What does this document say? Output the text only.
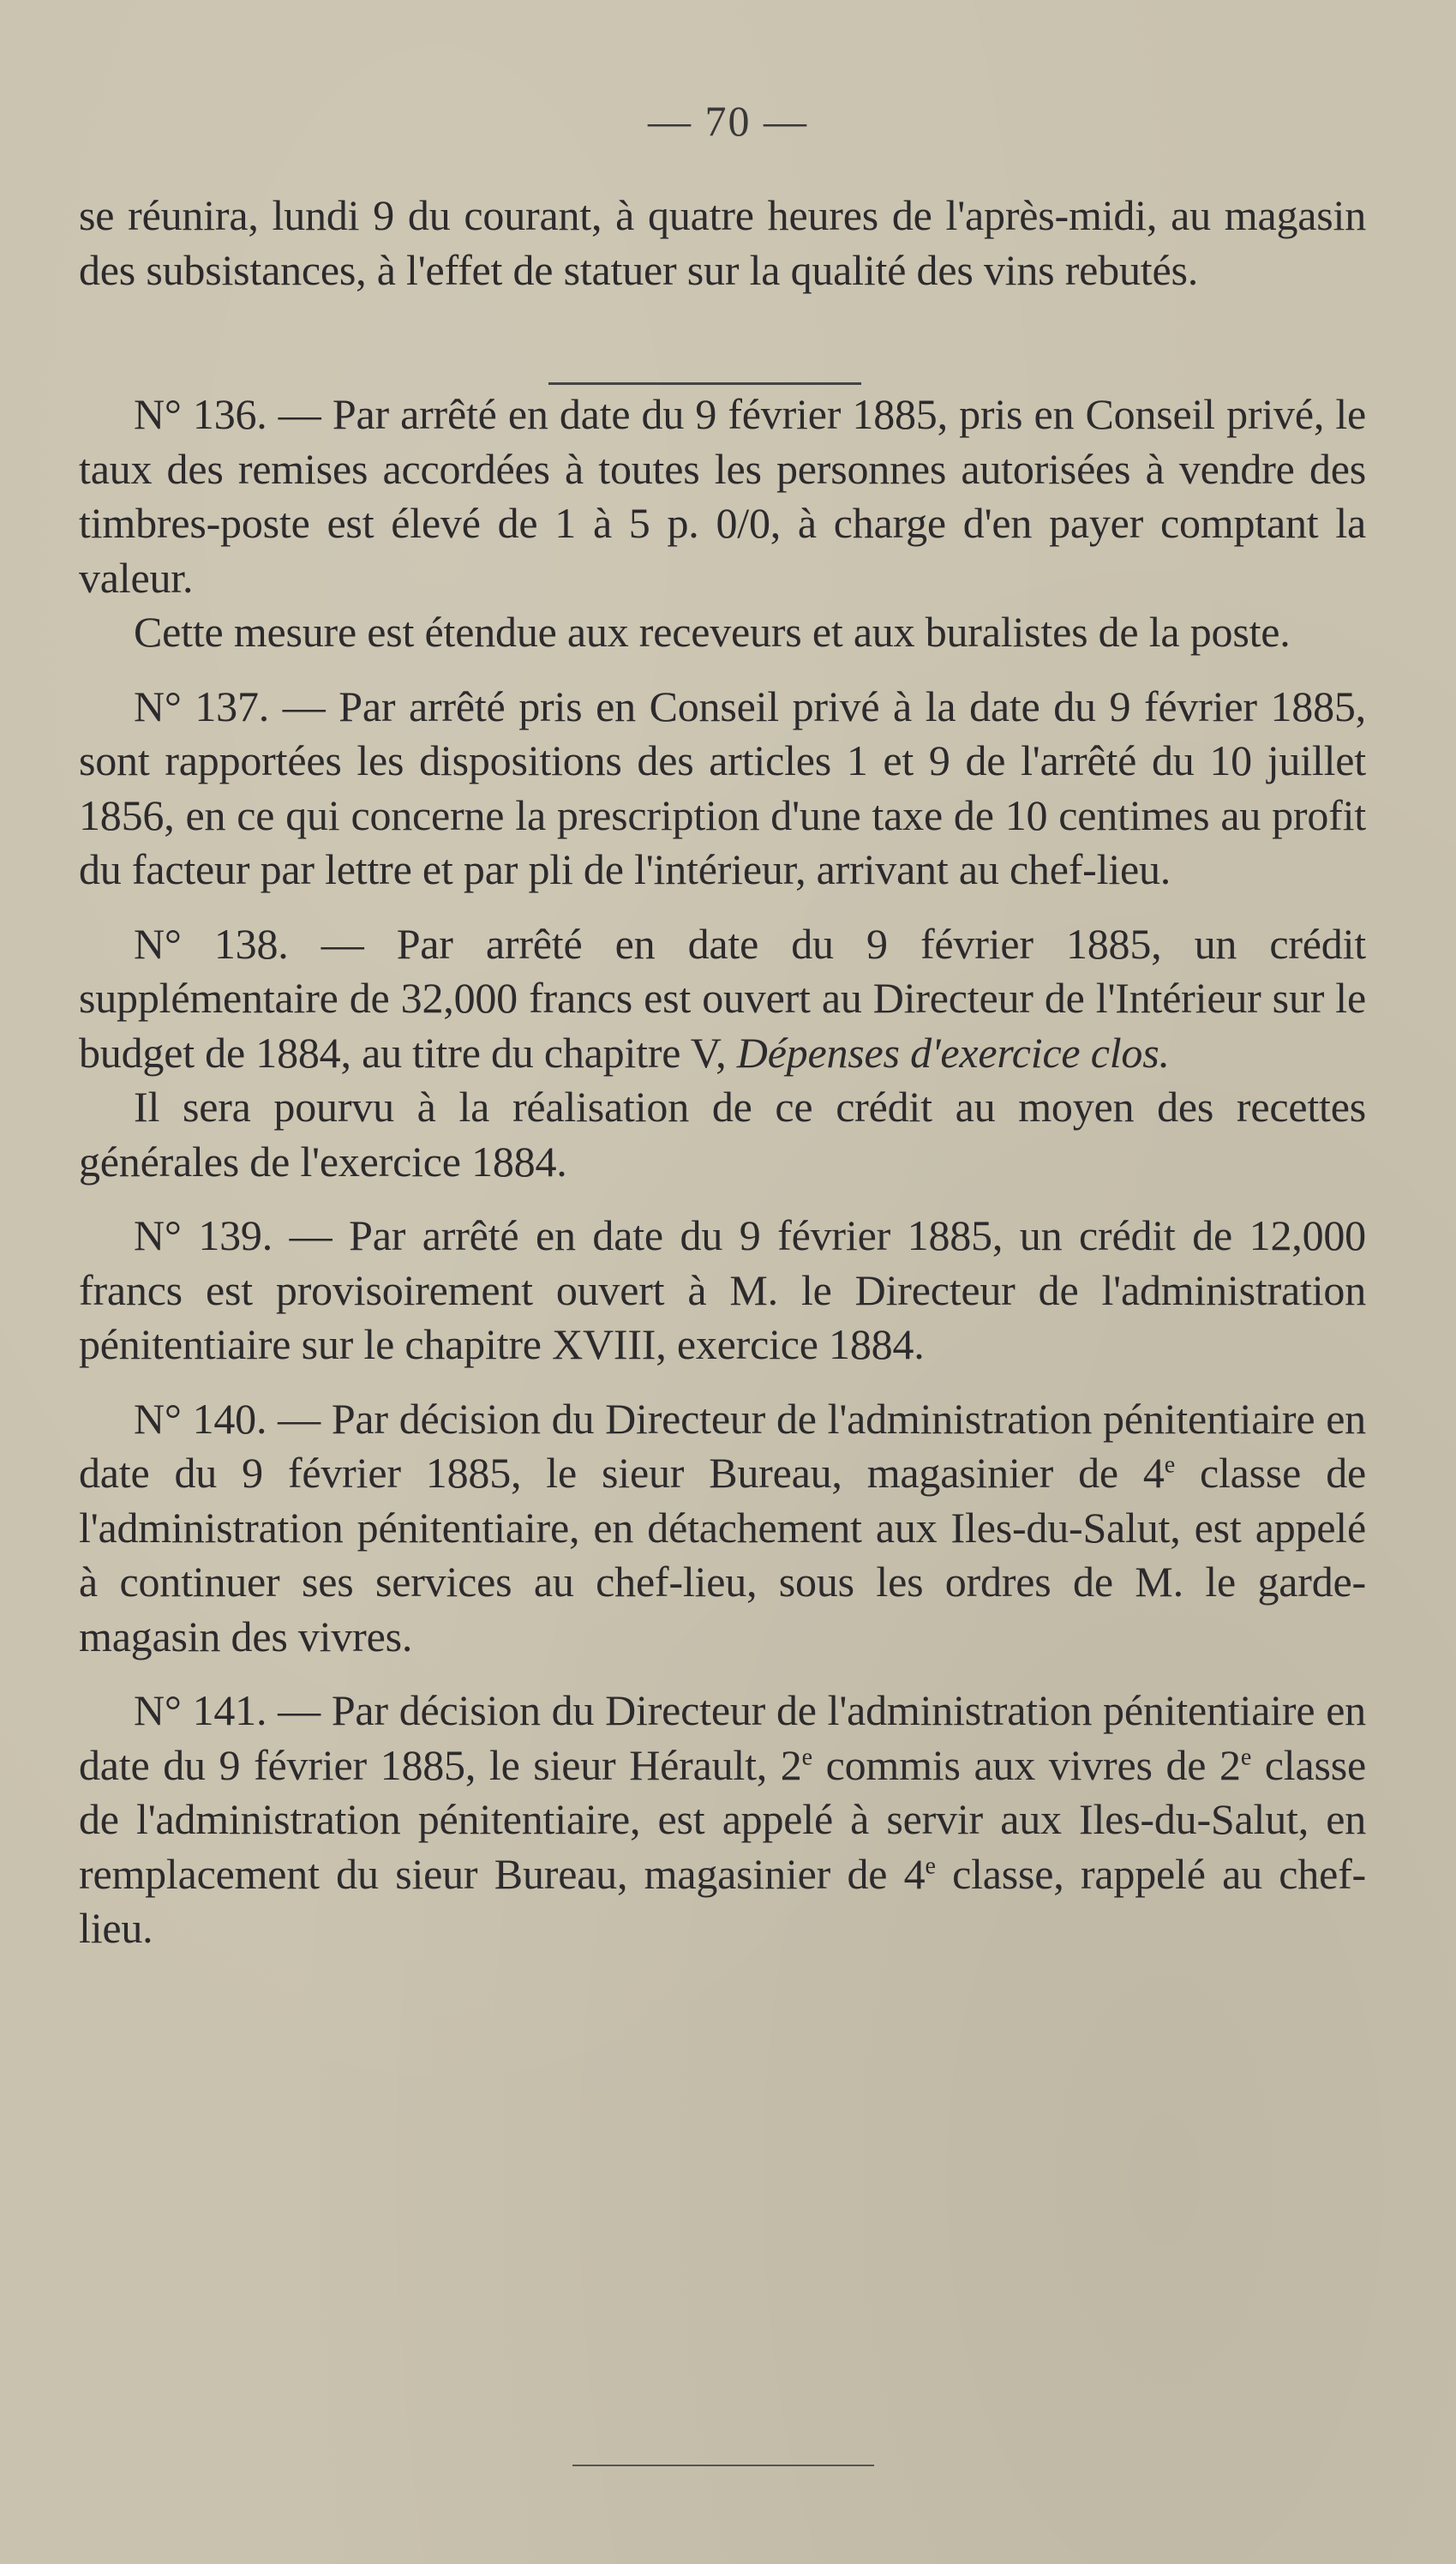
— 70 —

se réunira, lundi 9 du courant, à quatre heures de l'après-midi, au magasin des subsistances, à l'effet de statuer sur la qualité des vins rebutés.

N° 136. — Par arrêté en date du 9 février 1885, pris en Conseil privé, le taux des remises accordées à toutes les personnes autorisées à vendre des timbres-poste est élevé de 1 à 5 p. 0/0, à charge d'en payer comptant la valeur.

Cette mesure est étendue aux receveurs et aux buralistes de la poste.

N° 137. — Par arrêté pris en Conseil privé à la date du 9 février 1885, sont rapportées les dispositions des articles 1 et 9 de l'arrêté du 10 juillet 1856, en ce qui concerne la prescription d'une taxe de 10 centimes au profit du facteur par lettre et par pli de l'intérieur, arrivant au chef-lieu.

N° 138. — Par arrêté en date du 9 février 1885, un crédit supplémentaire de 32,000 francs est ouvert au Directeur de l'Intérieur sur le budget de 1884, au titre du chapitre V, Dépenses d'exercice clos.

Il sera pourvu à la réalisation de ce crédit au moyen des recettes générales de l'exercice 1884.

N° 139. — Par arrêté en date du 9 février 1885, un crédit de 12,000 francs est provisoirement ouvert à M. le Directeur de l'administration pénitentiaire sur le chapitre XVIII, exercice 1884.

N° 140. — Par décision du Directeur de l'administration pénitentiaire en date du 9 février 1885, le sieur Bureau, magasinier de 4e classe de l'administration pénitentiaire, en détachement aux Iles-du-Salut, est appelé à continuer ses services au chef-lieu, sous les ordres de M. le garde-magasin des vivres.

N° 141. — Par décision du Directeur de l'administration pénitentiaire en date du 9 février 1885, le sieur Hérault, 2e commis aux vivres de 2e classe de l'administration pénitentiaire, est appelé à servir aux Iles-du-Salut, en remplacement du sieur Bureau, magasinier de 4e classe, rappelé au chef-lieu.
